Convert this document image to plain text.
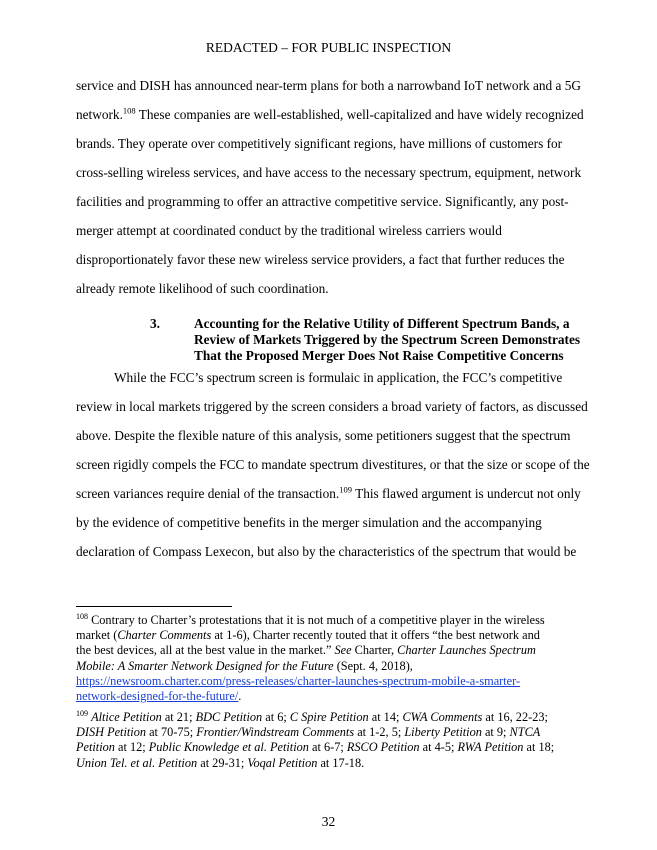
REDACTED – FOR PUBLIC INSPECTION
service and DISH has announced near-term plans for both a narrowband IoT network and a 5G
network.$^{108}$ These companies are well-established, well-capitalized and have widely recognized
brands. They operate over competitively significant regions, have millions of customers for
cross-selling wireless services, and have access to the necessary spectrum, equipment, network
facilities and programming to offer an attractive competitive service. Significantly, any post-
merger attempt at coordinated conduct by the traditional wireless carriers would
disproportionately favor these new wireless service providers, a fact that further reduces the
already remote likelihood of such coordination.
3.	Accounting for the Relative Utility of Different Spectrum Bands, a
Review of Markets Triggered by the Spectrum Screen Demonstrates
That the Proposed Merger Does Not Raise Competitive Concerns
While the FCC’s spectrum screen is formulaic in application, the FCC’s competitive
review in local markets triggered by the screen considers a broad variety of factors, as discussed
above. Despite the flexible nature of this analysis, some petitioners suggest that the spectrum
screen rigidly compels the FCC to mandate spectrum divestitures, or that the size or scope of the
screen variances require denial of the transaction.$^{109}$ This flawed argument is undercut not only
by the evidence of competitive benefits in the merger simulation and the accompanying
declaration of Compass Lexecon, but also by the characteristics of the spectrum that would be
$^{108}$ Contrary to Charter’s protestations that it is not much of a competitive player in the wireless
market (Charter Comments at 1-6), Charter recently touted that it offers “the best network and
the best devices, all at the best value in the market.” See Charter, Charter Launches Spectrum
Mobile: A Smarter Network Designed for the Future (Sept. 4, 2018),
https://newsroom.charter.com/press-releases/charter-launches-spectrum-mobile-a-smarter-
network-designed-for-the-future/.
$^{109}$ Altice Petition at 21; BDC Petition at 6; C Spire Petition at 14; CWA Comments at 16, 22-23;
DISH Petition at 70-75; Frontier/Windstream Comments at 1-2, 5; Liberty Petition at 9; NTCA
Petition at 12; Public Knowledge et al. Petition at 6-7; RSCO Petition at 4-5; RWA Petition at 18;
Union Tel. et al. Petition at 29-31; Voqal Petition at 17-18.
32
